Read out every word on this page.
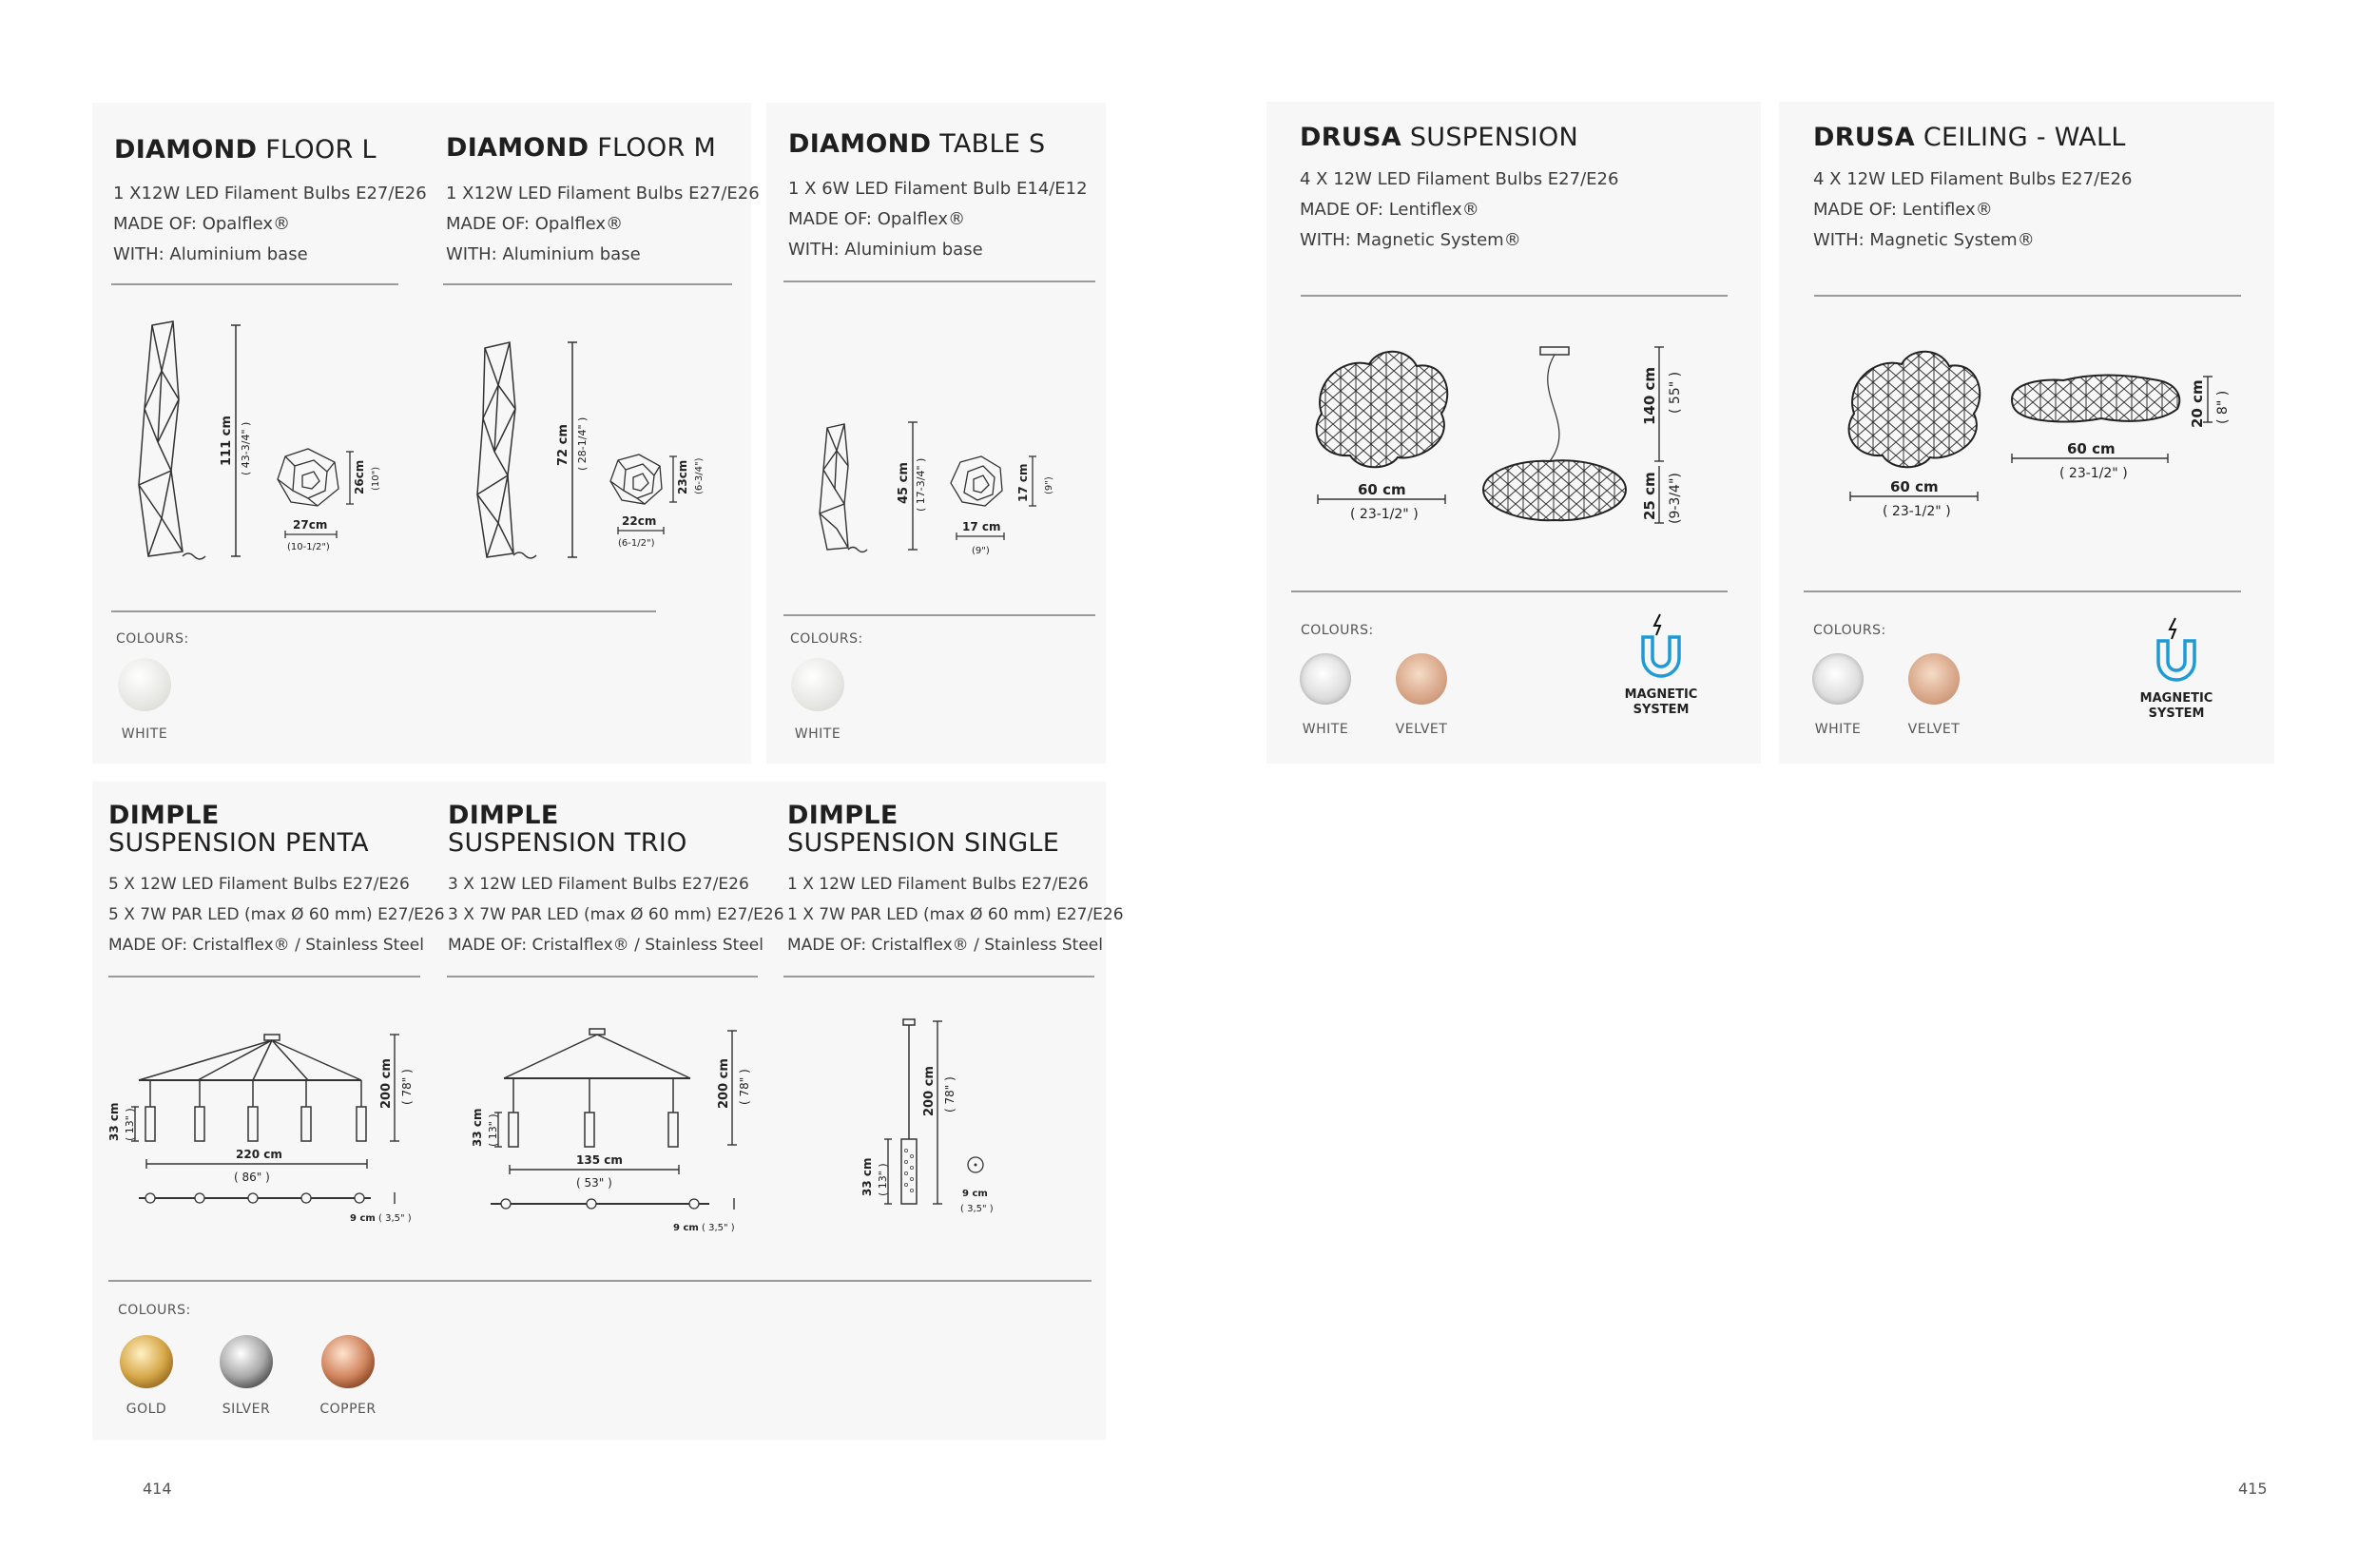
DIAMOND FLOOR L
1 X12W LED Filament Bulbs E27/E26
MADE OF: Opalflex®
WITH: Aluminium base
DIAMOND FLOOR M
1 X12W LED Filament Bulbs E27/E26
MADE OF: Opalflex®
WITH: Aluminium base
111 cm ( 43-3/4" )
26cm (10")
27cm
(10-1/2")
72 cm ( 28-1/4" )
23cm (6-3/4")
22cm
(6-1/2")
COLOURS:
WHITE
DIAMOND TABLE S
1 X 6W LED Filament Bulb E14/E12
MADE OF: Opalflex®
WITH: Aluminium base
45 cm ( 17-3/4" )	17 cm (9")
17 cm
(9")
COLOURS:
WHITE
DRUSA SUSPENSION
4 X 12W LED Filament Bulbs E27/E26
MADE OF: Lentiflex®
WITH: Magnetic System®
60 cm
( 23-1/2" )
140 cm ( 55" )
25 cm (9-3/4")
COLOURS:
WHITE	VELVET
MAGNETIC
SYSTEM
DRUSA CEILING - WALL
4 X 12W LED Filament Bulbs E27/E26
MADE OF: Lentiflex®
WITH: Magnetic System®
60 cm
( 23-1/2" )
60 cm
( 23-1/2" )
20 cm ( 8" )
COLOURS:
WHITE	VELVET
MAGNETIC
SYSTEM
DIMPLE
SUSPENSION PENTA
5 X 12W LED Filament Bulbs E27/E26
5 X 7W PAR LED (max Ø 60 mm) E27/E26
MADE OF: Cristalflex® / Stainless Steel
DIMPLE
SUSPENSION TRIO
3 X 12W LED Filament Bulbs E27/E26
3 X 7W PAR LED (max Ø 60 mm) E27/E26
MADE OF: Cristalflex® / Stainless Steel
DIMPLE
SUSPENSION SINGLE
1 X 12W LED Filament Bulbs E27/E26
1 X 7W PAR LED (max Ø 60 mm) E27/E26
MADE OF: Cristalflex® / Stainless Steel
200 cm ( 78" )
33 cm ( 13" )
220 cm
( 86" )
9 cm ( 3,5" )
200 cm ( 78" )
33 cm ( 13" )
135 cm
( 53" )
9 cm ( 3,5" )
200 cm ( 78" )
33 cm ( 13" )	9 cm
( 3,5" )
COLOURS:
GOLD	SILVER	COPPER
414	415
